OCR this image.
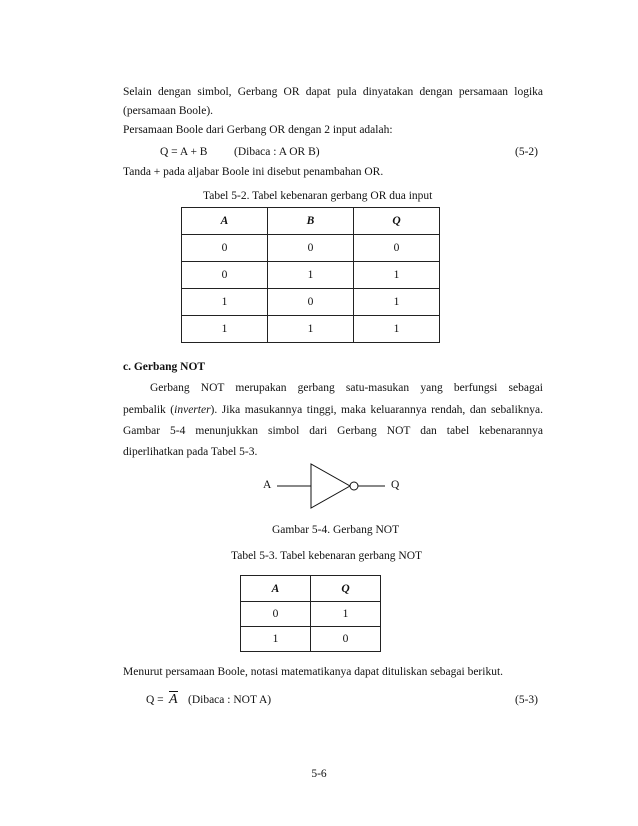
Selain dengan simbol, Gerbang OR dapat pula dinyatakan dengan persamaan logika
(persamaan Boole).
Persamaan Boole dari Gerbang OR dengan 2 input adalah:
Q = A + B (Dibaca : A OR B)	(5-2)
Tanda + pada aljabar Boole ini disebut penambahan OR.
Tabel 5-2. Tabel kebenaran gerbang OR dua input
A	B	Q
0	0	0
0	1	1
1	0	1
1	1	1
c. Gerbang NOT
Gerbang NOT merupakan gerbang satu-masukan yang berfungsi sebagai
pembalik (inverter). Jika masukannya tinggi, maka keluarannya rendah, dan sebaliknya.
Gambar 5-4 menunjukkan simbol dari Gerbang NOT dan tabel kebenarannya
diperlihatkan pada Tabel 5-3.
A	Q
Gambar 5-4. Gerbang NOT
Tabel 5-3. Tabel kebenaran gerbang NOT
A	Q
0	1
1	0
Menurut persamaan Boole, notasi matematikanya dapat dituliskan sebagai berikut.
Q = A (Dibaca : NOT A)	(5-3)
5-6
